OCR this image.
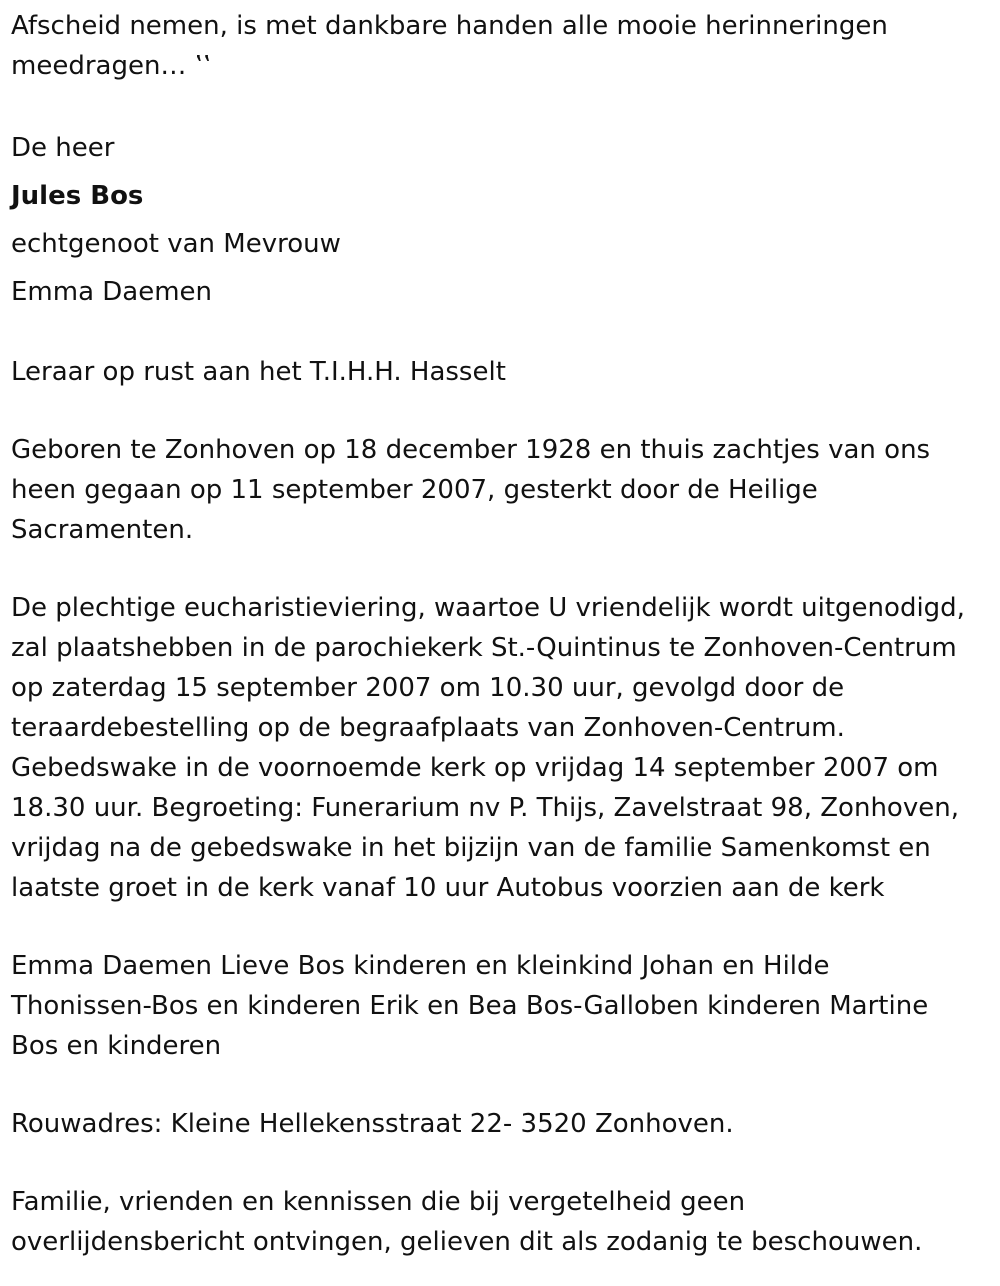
Afscheid nemen, is met dankbare handen alle mooie herinneringen
meedragen… ‛‛
De heer
Jules Bos
echtgenoot van Mevrouw
Emma Daemen
Leraar op rust aan het T.I.H.H. Hasselt
Geboren te Zonhoven op 18 december 1928 en thuis zachtjes van ons
heen gegaan op 11 september 2007, gesterkt door de Heilige
Sacramenten.
De plechtige eucharistieviering, waartoe U vriendelijk wordt uitgenodigd,
zal plaatshebben in de parochiekerk St.-Quintinus te Zonhoven-Centrum
op zaterdag 15 september 2007 om 10.30 uur, gevolgd door de
teraardebestelling op de begraafplaats van Zonhoven-Centrum.
Gebedswake in de voornoemde kerk op vrijdag 14 september 2007 om
18.30 uur. Begroeting: Funerarium nv P. Thijs, Zavelstraat 98, Zonhoven,
vrijdag na de gebedswake in het bijzijn van de familie Samenkomst en
laatste groet in de kerk vanaf 10 uur Autobus voorzien aan de kerk
Emma Daemen Lieve Bos kinderen en kleinkind Johan en Hilde
Thonissen-Bos en kinderen Erik en Bea Bos-Galloben kinderen Martine
Bos en kinderen
Rouwadres: Kleine Hellekensstraat 22- 3520 Zonhoven.
Familie, vrienden en kennissen die bij vergetelheid geen
overlijdensbericht ontvingen, gelieven dit als zodanig te beschouwen.
